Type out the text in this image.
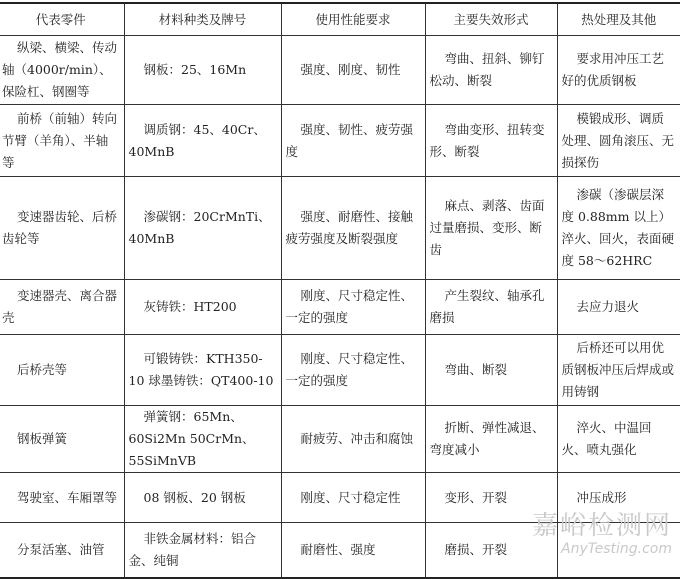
代表零件	材料种类及牌号	使用性能要求	主要失效形式	热处理及其他

纵梁、横梁、传动轴（4000r/min）、保险杠、钢圈等	钢板：25、16Mn	强度、刚度、韧性	弯曲、扭斜、铆钉松动、断裂	要求用冲压工艺好的优质钢板

前桥（前轴）转向节臂（羊角）、半轴等	调质钢：45、40Cr、40MnB	强度、韧性、疲劳强度	弯曲变形、扭转变形、断裂	模锻成形、调质处理、圆角滚压、无损探伤

变速器齿轮、后桥齿轮等	渗碳钢：20CrMnTi、40MnB	强度、耐磨性、接触疲劳强度及断裂强度	麻点、剥落、齿面过量磨损、变形、断齿	渗碳（渗碳层深度 0.88mm 以上）淬火、回火，表面硬度 58～62HRC

变速器壳、离合器壳	灰铸铁：HT200	刚度、尺寸稳定性、一定的强度	产生裂纹、轴承孔磨损	去应力退火

后桥壳等	可锻铸铁：KTH350-10 球墨铸铁：QT400-10	刚度、尺寸稳定性、一定的强度	弯曲、断裂	后桥还可以用优质钢板冲压后焊成或用铸钢

钢板弹簧	弹簧钢：65Mn、60Si2Mn 50CrMn、55SiMnVB	耐疲劳、冲击和腐蚀	折断、弹性减退、弯度减小	淬火、中温回火、喷丸强化

驾驶室、车厢罩等	08 钢板、20 钢板	刚度、尺寸稳定性	变形、开裂	冲压成形

分泵活塞、油管	非铁金属材料：铝合金、纯铜	耐磨性、强度	磨损、开裂	

嘉峪检测网
AnyTesting.com
